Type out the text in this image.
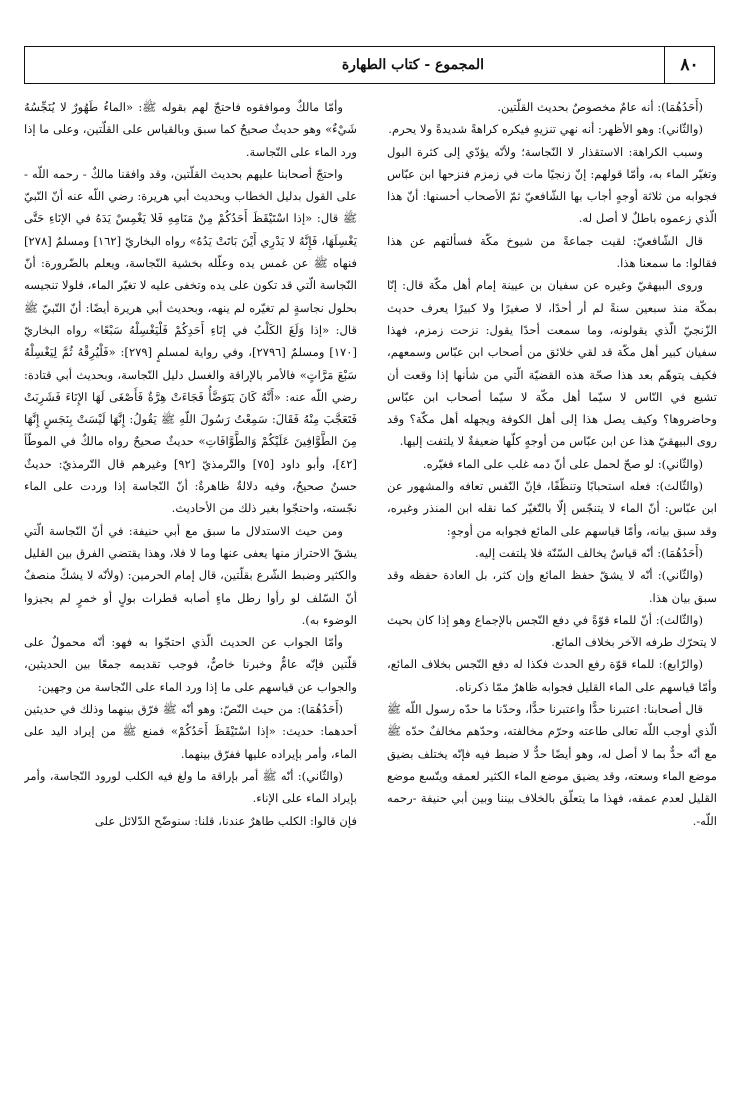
٨٠
المجموع - كتاب الطهارة

(أَحَدُهُمَا): أنه عامٌ مخصوصٌ بحديث القلّتين.

(والثّاني): وهو الأظهر: أنه نهي تنزيهٍ فيكره كراهةً شديدةً ولا يحرم.

وسبب الكراهة: الاستقذار لا النّجاسة؛ ولأنّه يؤدّي إلى كثرة البول وتغيّر الماء به، وأمّا قولهم: إنّ زنجيًا مات في زمزم فنزحها ابن عبّاس فجوابه من ثلاثة أوجهٍ أجاب بها الشّافعيّ ثمّ الأصحاب أحسنها: أنّ هذا الّذي زعموه باطلٌ لا أصل له.

قال الشّافعيّ: لقيت جماعةً من شيوخ مكّة فسألتهم عن هذا فقالوا: ما سمعنا هذا.

وروى البيهقيّ وغيره عن سفيان بن عيينة إمام أهل مكّة قال: إنّا بمكّة منذ سبعين سنةً لم أر أحدًا، لا صغيرًا ولا كبيرًا يعرف حديث الزّنجيّ الّذي يقولونه، وما سمعت أحدًا يقول: نزحت زمزم، فهذا سفيان كبير أهل مكّة قد لقي خلائق من أصحاب ابن عبّاس وسمعهم، فكيف يتوهّم بعد هذا صحّة هذه القضيّة الّتي من شأنها إذا وقعت أن تشيع في النّاس لا سيّما أهل مكّة لا سيّما أصحاب ابن عبّاس وحاضروها؟ وكيف يصل هذا إلى أهل الكوفة ويجهله أهل مكّة؟ وقد روى البيهقيّ هذا عن ابن عبّاس من أوجهٍ كلّها ضعيفةٌ لا يلتفت إليها.

(والثّاني): لو صحّ لحمل على أنّ دمه غلب على الماء فغيّره.

(والثّالث): فعله استحبابًا وتنظّفًا، فإنّ النّفس تعافه والمشهور عن ابن عبّاس: أنّ الماء لا يتنجّس إلّا بالتّغيّر كما نقله ابن المنذر وغيره، وقد سبق بيانه، وأمّا قياسهم على المائع فجوابه من أوجهٍ:

(أَحَدُهُمَا): أنّه قياسٌ يخالف السّنّة فلا يلتفت إليه.

(والثّاني): أنّه لا يشقّ حفظ المائع وإن كثر، بل العادة حفظه وقد سبق بيان هذا.

(والثّالث): أنّ للماء قوّةً في دفع النّجس بالإجماع وهو إذا كان بحيث لا يتحرّك طرفه الآخر بخلاف المائع.

(والرّابع): للماء قوّة رفع الحدث فكذا له دفع النّجس بخلاف المائع، وأمّا قياسهم على الماء القليل فجوابه ظاهرٌ ممّا ذكرناه.

قال أصحابنا: اعتبرنا حدًّا واعتبرنا حدًّا، وحدّنا ما حدّه رسول اللّه ﷺ الّذي أوجب اللّه تعالى طاعته وحرّم مخالفته، وحدّهم مخالفٌ حدّه ﷺ مع أنّه حدٌّ بما لا أصل له، وهو أيضًا حدٌّ لا ضبط فيه فإنّه يختلف بضيق موضع الماء وسعته، وقد يضيق موضع الماء الكثير لعمقه ويتّسع موضع القليل لعدم عمقه، فهذا ما يتعلّق بالخلاف بيننا وبين أبي حنيفة -رحمه اللّه-.

وأمّا مالكٌ وموافقوه فاحتجّ لهم بقوله ﷺ: «الماءُ طَهُورٌ لا يُنَجِّسُهُ شَيْءٌ» وهو حديثٌ صحيحٌ كما سبق وبالقياس على القلّتين، وعلى ما إذا ورد الماء على النّجاسة.

واحتجّ أصحابنا عليهم بحديث القلّتين، وقد وافقنا مالكٌ - رحمه اللّه - على القول بدليل الخطاب وبحديث أبي هريرة: رضي اللّه عنه أنّ النّبيّ ﷺ قال: «إذا اسْتَيْقَظَ أَحَدُكُمْ مِنْ مَنَامِهِ فَلا يَغْمِسْ يَدَهُ في الإنَاءِ حَتَّى يَغْسِلَهَا، فَإِنَّهُ لا يَدْرِي أَيْنَ بَاتَتْ يَدُهُ» رواه البخاريّ [١٦٢] ومسلمٌ [٢٧٨] فنهاه ﷺ عن غمس يده وعلّله بخشية النّجاسة، ويعلم بالضّرورة: أنّ النّجاسة الّتي قد تكون على يده وتخفى عليه لا تغيّر الماء، فلولا تنجيسه بحلول نجاسةٍ لم تغيّره لم ينهه، وبحديث أبي هريرة أيضًا: أنّ النّبيّ ﷺ قال: «إذا وَلَغَ الكَلْبُ في إنَاءِ أَحَدِكُمْ فَلْيَغْسِلْهُ سَبْعًا» رواه البخاريّ [١٧٠] ومسلمٌ [٢٧٩٦]، وفي رواية لمسلمٍ [٢٧٩]: «فَلْيُرِقْهُ ثُمَّ لِيَغْسِلْهُ سَبْعَ مَرَّاتٍ» فالأمر بالإراقة والغسل دليل النّجاسة، وبحديث أبي قتادة: رضي اللّه عنه: «أَنَّهُ كَانَ يَتَوَضَّأُ فَجَاءَتْ هِرَّةٌ فَأَصْغَى لَهَا الإِنَاءَ فَشَرِبَتْ فَتَعَجَّبَ مِنْهُ فَقَالَ: سَمِعْتُ رَسُولَ اللّهِ ﷺ يَقُولُ: إِنَّهَا لَيْسَتْ بِنَجَسٍ إِنَّهَا مِنَ الطَّوَّافِينَ عَلَيْكُمْ وَالطَّوَّافَاتِ» حديثٌ صحيحٌ رواه مالكٌ في الموطّأ [٤٢]، وأبو داود [٧٥] والتّرمذيّ [٩٢] وغيرهم قال التّرمذيّ: حديثٌ حسنٌ صحيحٌ، وفيه دلالةٌ ظاهرةٌ: أنّ النّجاسة إذا وردت على الماء نجّسته، واحتجّوا بغير ذلك من الأحاديث.

ومن حيث الاستدلال ما سبق مع أبي حنيفة: في أنّ النّجاسة الّتي يشقّ الاحتراز منها يعفى عنها وما لا فلا، وهذا يقتضي الفرق بين القليل والكثير وضبط الشّرع بقلّتين، قال إمام الحرمين: (ولأنّه لا يشكّ منصفٌ أنّ السّلف لو رأوا رطل ماءٍ أصابه قطرات بولٍ أو خمرٍ لم يجيزوا الوضوء به).

وأمّا الجواب عن الحديث الّذي احتجّوا به فهو: أنّه محمولٌ على قلّتين فإنّه عامٌّ وخبرنا خاصٌّ، فوجب تقديمه جمعًا بين الحديثين، والجواب عن قياسهم على ما إذا ورد الماء على النّجاسة من وجهين:

(أَحَدُهُمَا): من حيث النّصّ: وهو أنّه ﷺ فرّق بينهما وذلك في حديثين أحدهما: حديث: «إذا اسْتَيْقَظَ أَحَدُكُمْ» فمنع ﷺ من إيراد اليد على الماء، وأمر بإيراده عليها ففرّق بينهما.

(والثّاني): أنّه ﷺ أمر بإراقة ما ولغ فيه الكلب لورود النّجاسة، وأمر بإيراد الماء على الإناء.

فإن قالوا: الكلب طاهرٌ عندنا، قلنا: سنوضّح الدّلائل على
